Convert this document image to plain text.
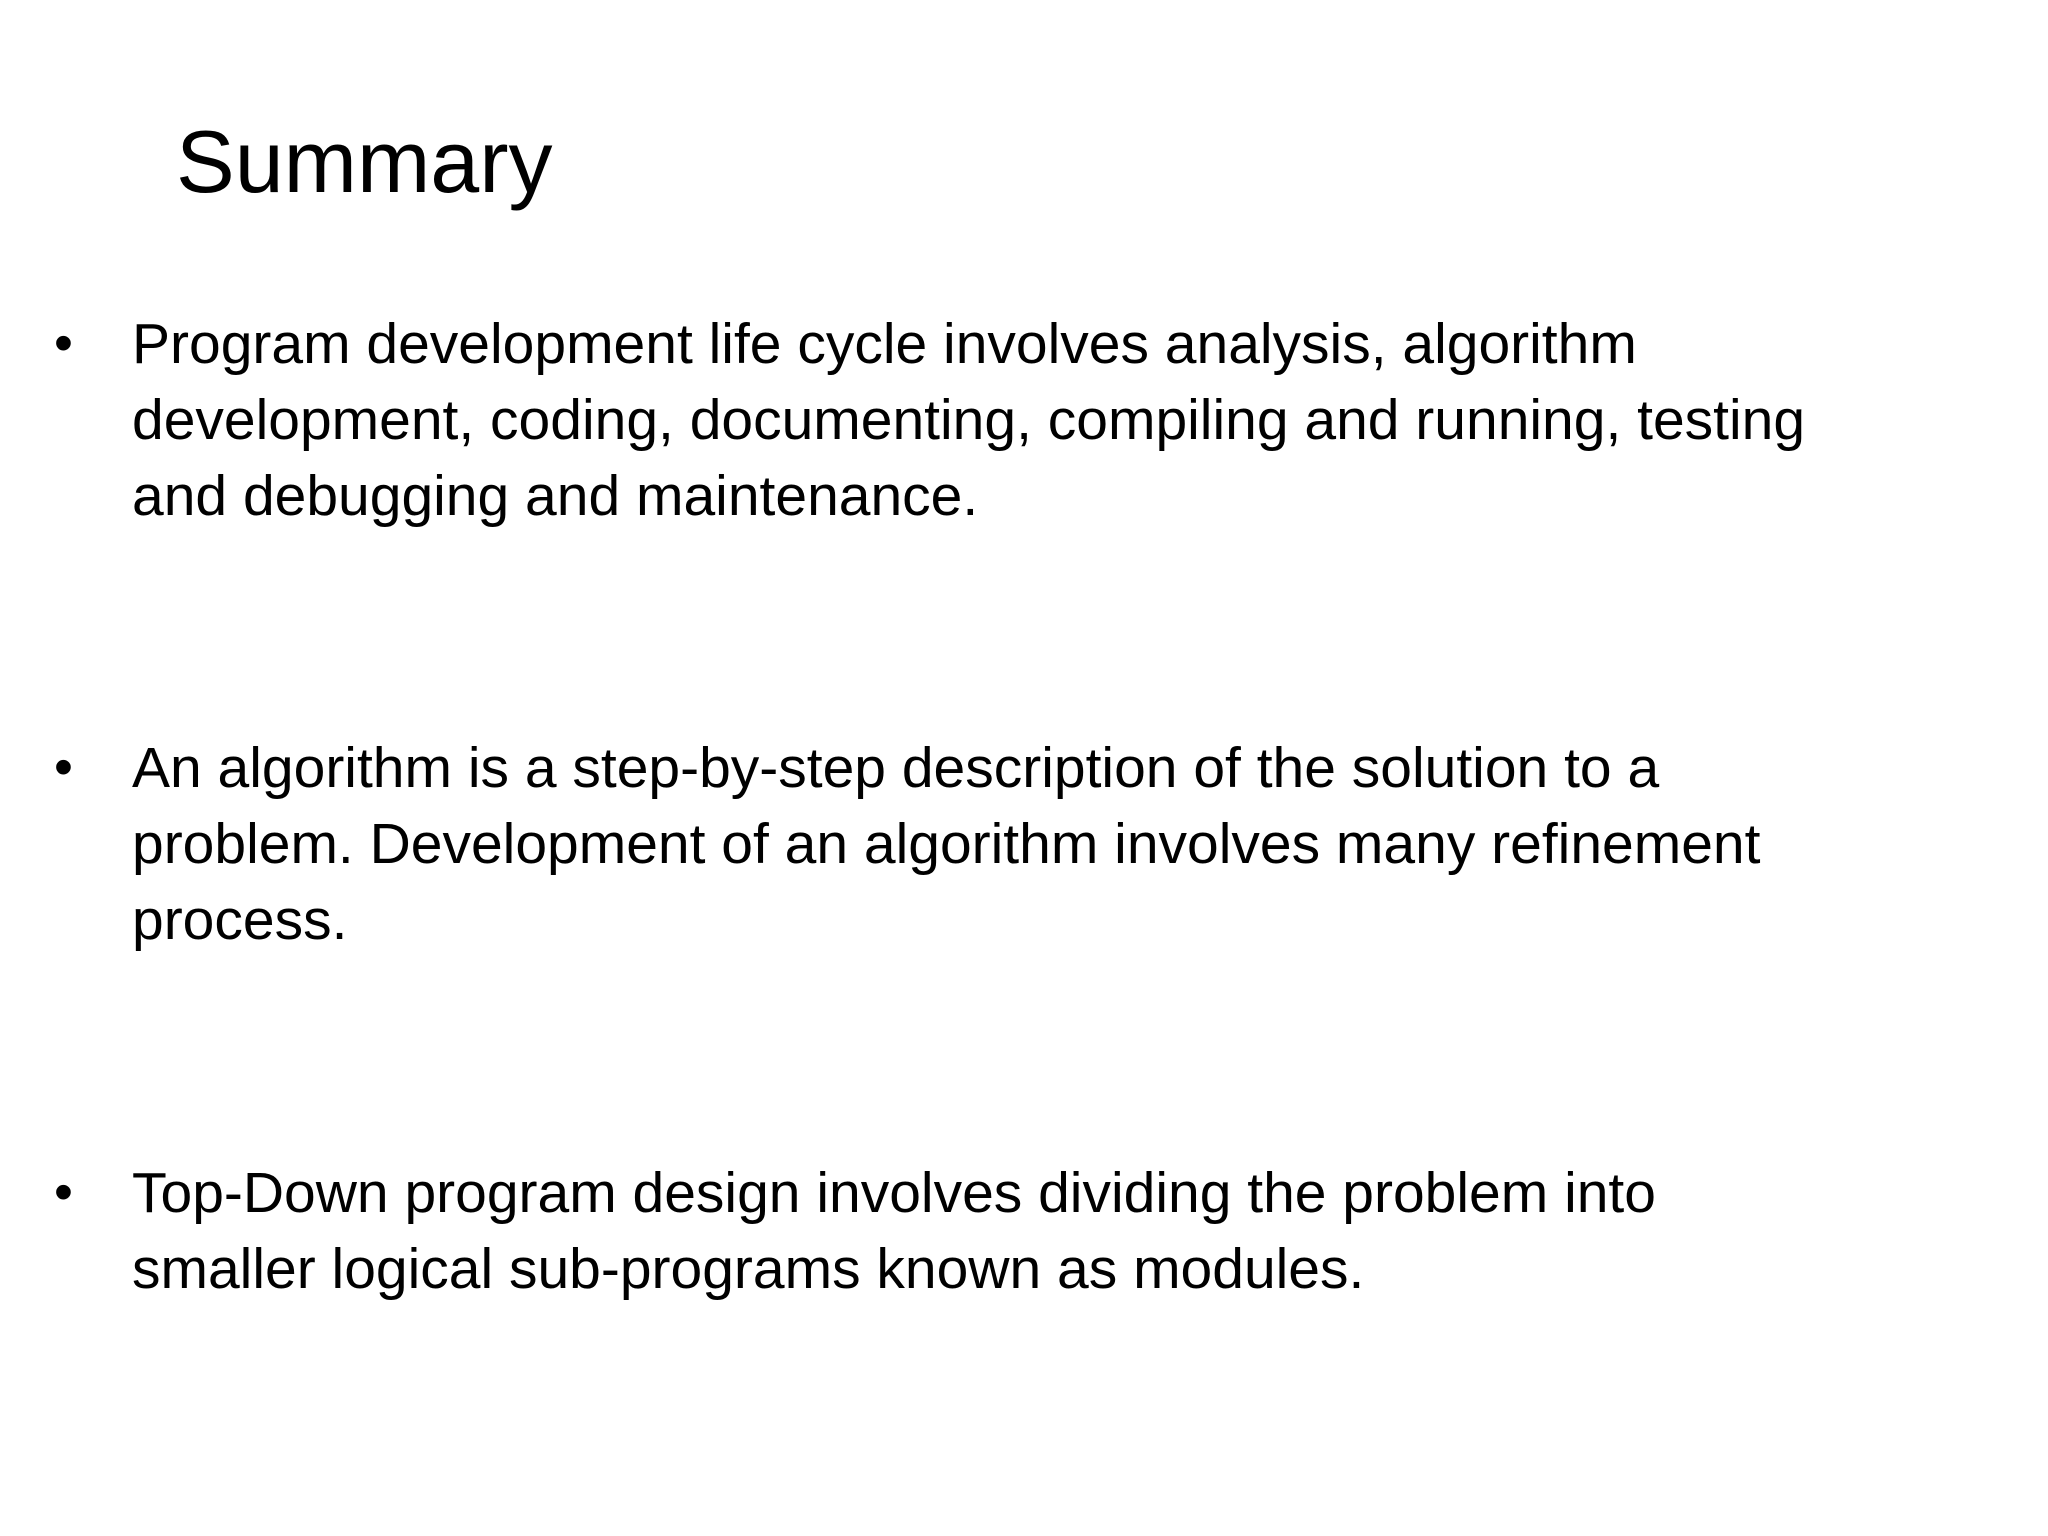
Summary
•	Program development life cycle involves analysis, algorithm
development, coding, documenting, compiling and running, testing
and debugging and maintenance.
•	An algorithm is a step-by-step description of the solution to a
problem. Development of an algorithm involves many refinement
process.
•	Top-Down program design involves dividing the problem into
smaller logical sub-programs known as modules.
